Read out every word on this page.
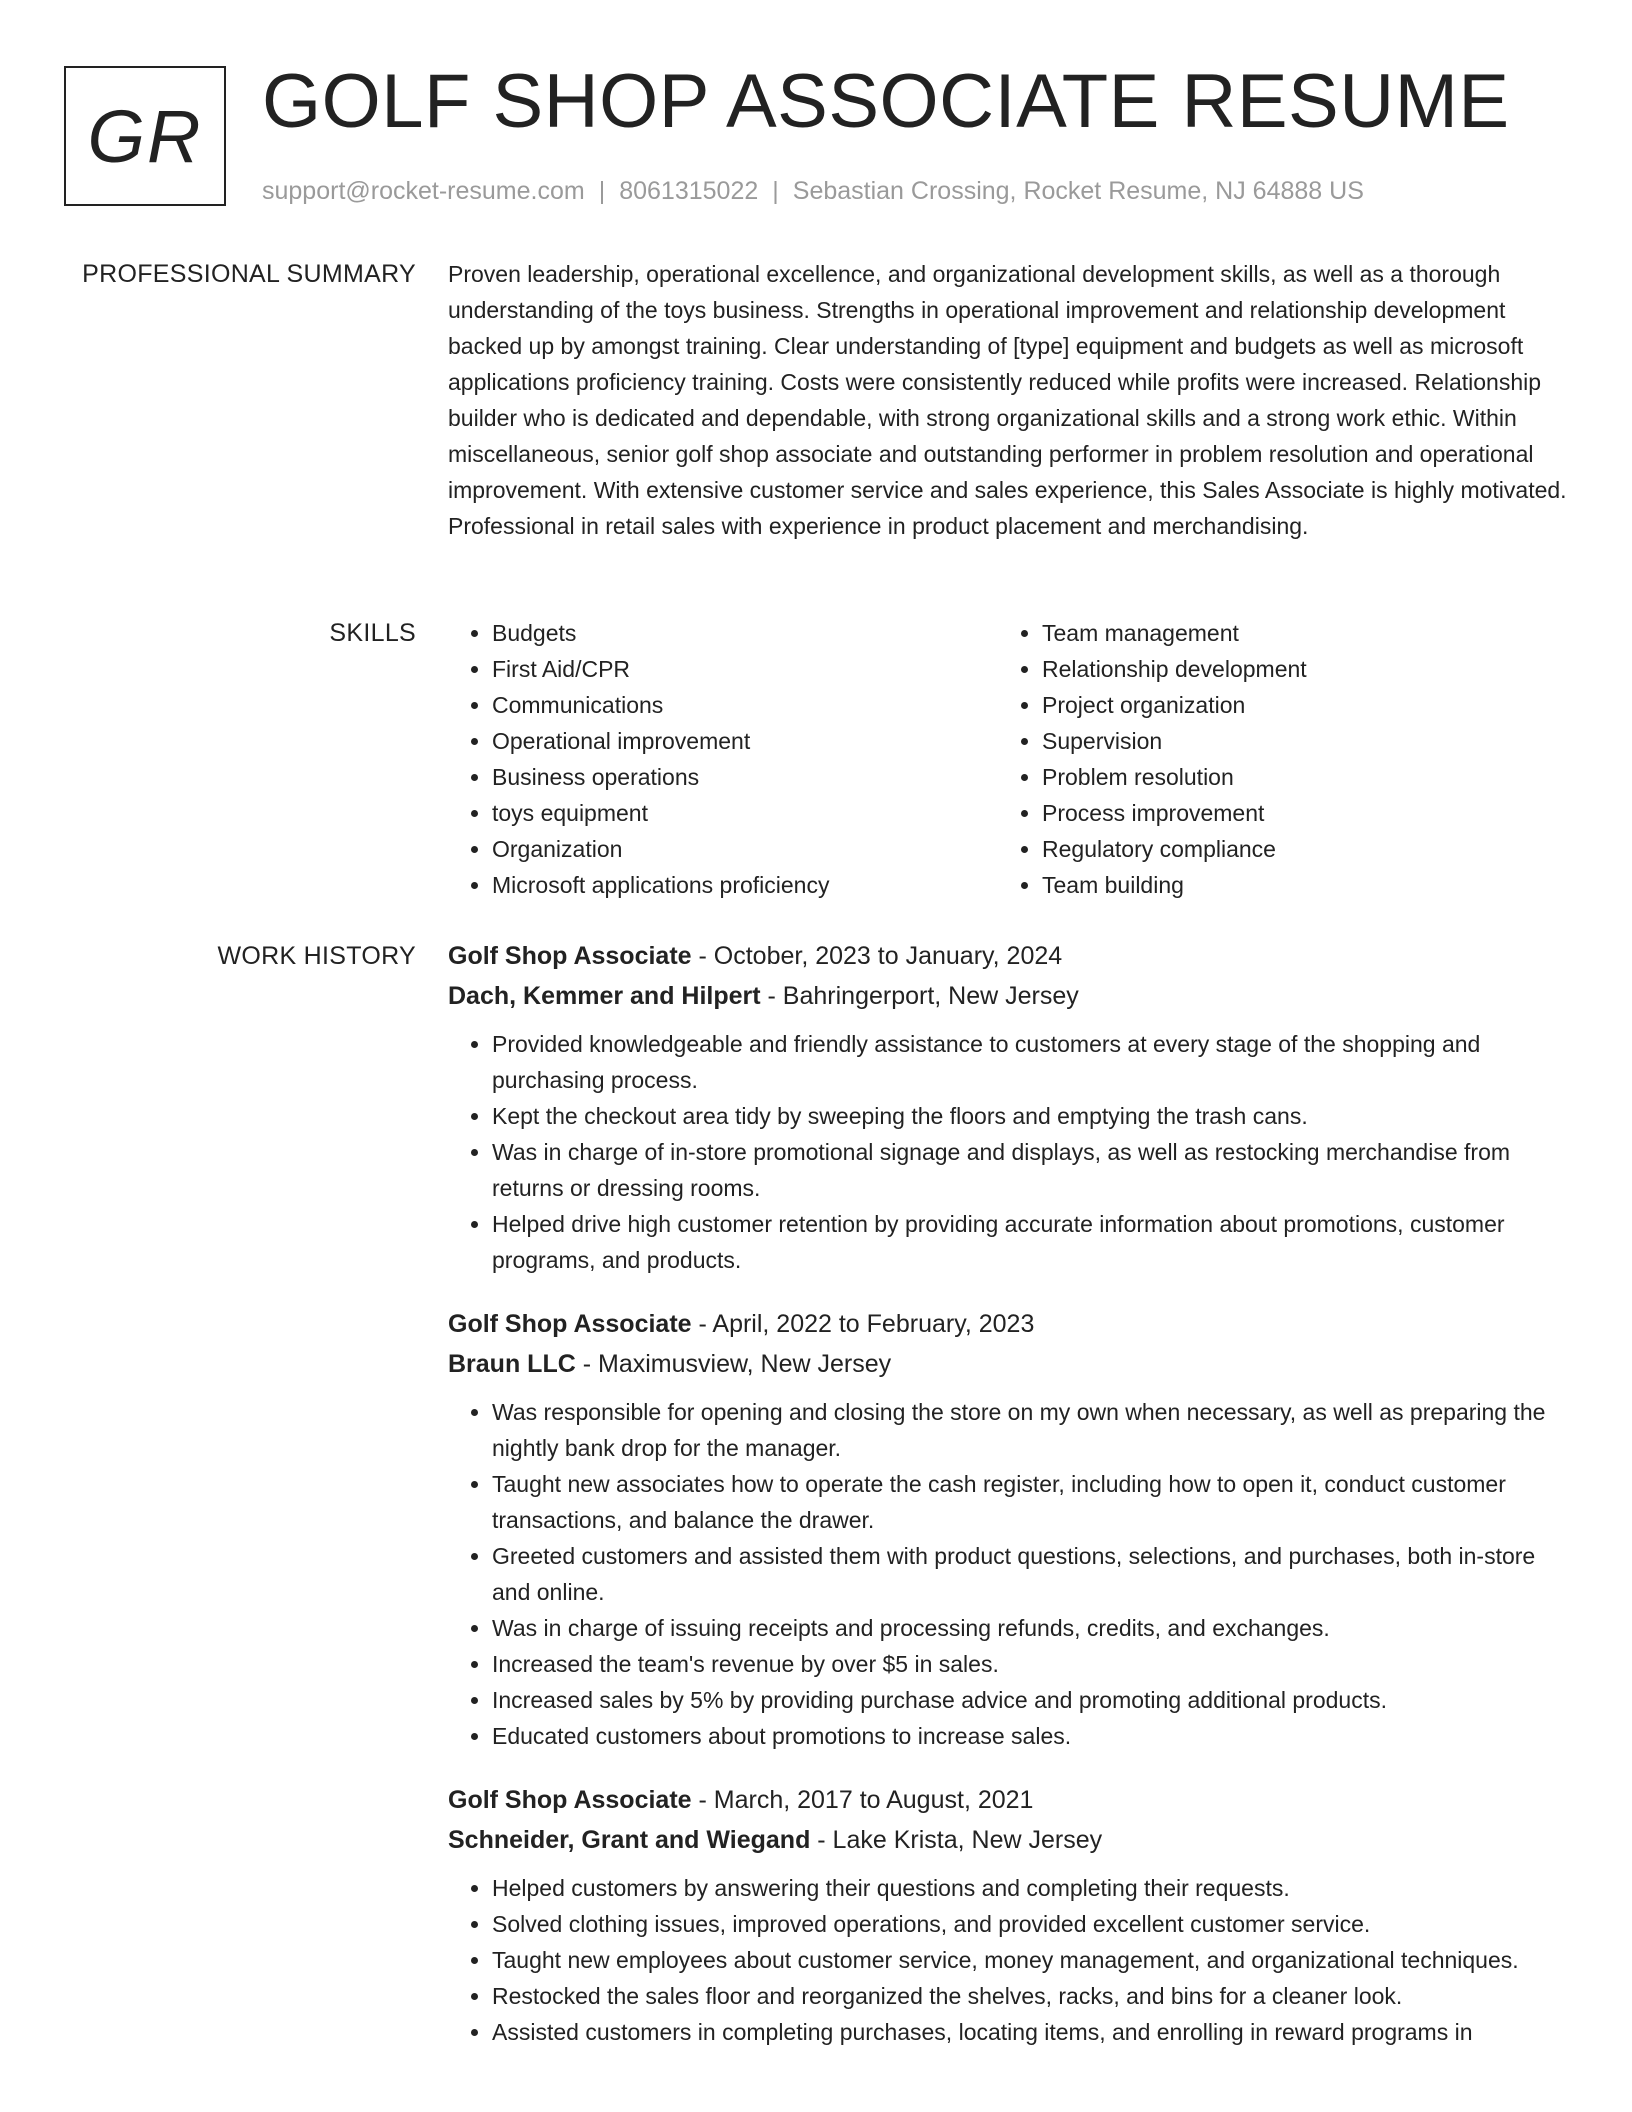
GR GOLF SHOP ASSOCIATE RESUME
support@rocket-resume.com | 8061315022 | Sebastian Crossing, Rocket Resume, NJ 64888 US
PROFESSIONAL SUMMARY Proven leadership, operational excellence, and organizational development skills, as well as a thorough understanding of the toys business. Strengths in operational improvement and relationship development backed up by amongst training. Clear understanding of [type] equipment and budgets as well as microsoft applications proficiency training. Costs were consistently reduced while profits were increased. Relationship builder who is dedicated and dependable, with strong organizational skills and a strong work ethic. Within miscellaneous, senior golf shop associate and outstanding performer in problem resolution and operational improvement. With extensive customer service and sales experience, this Sales Associate is highly motivated. Professional in retail sales with experience in product placement and merchandising.

SKILLS
•	Budgets
• First Aid/CPR
• Communications
• Operational improvement
• Business operations
• toys equipment
• Organization
• Microsoft applications proficiency
• Team management
• Relationship development
• Project organization
• Supervision
• Problem resolution
• Process improvement
• Regulatory compliance
• Team building
WORK HISTORY Golf Shop Associate - October, 2023 to January, 2024
Dach, Kemmer and Hilpert - Bahringerport, New Jersey
• Provided knowledgeable and friendly assistance to customers at every stage of the shopping and purchasing process.
• Kept the checkout area tidy by sweeping the floors and emptying the trash cans.
• Was in charge of in-store promotional signage and displays, as well as restocking merchandise from returns or dressing rooms.
• Helped drive high customer retention by providing accurate information about promotions, customer programs, and products.
Golf Shop Associate - April, 2022 to February, 2023
Braun LLC - Maximusview, New Jersey
• Was responsible for opening and closing the store on my own when necessary, as well as preparing the nightly bank drop for the manager.
• Taught new associates how to operate the cash register, including how to open it, conduct customer transactions, and balance the drawer.
• Greeted customers and assisted them with product questions, selections, and purchases, both in-store and online.
• Was in charge of issuing receipts and processing refunds, credits, and exchanges.
• Increased the team's revenue by over $5 in sales.
• Increased sales by 5% by providing purchase advice and promoting additional products.
• Educated customers about promotions to increase sales.
Golf Shop Associate - March, 2017 to August, 2021
Schneider, Grant and Wiegand - Lake Krista, New Jersey
• Helped customers by answering their questions and completing their requests.
• Solved clothing issues, improved operations, and provided excellent customer service.
• Taught new employees about customer service, money management, and organizational techniques.
• Restocked the sales floor and reorganized the shelves, racks, and bins for a cleaner look.
• Assisted customers in completing purchases, locating items, and enrolling in reward programs in
